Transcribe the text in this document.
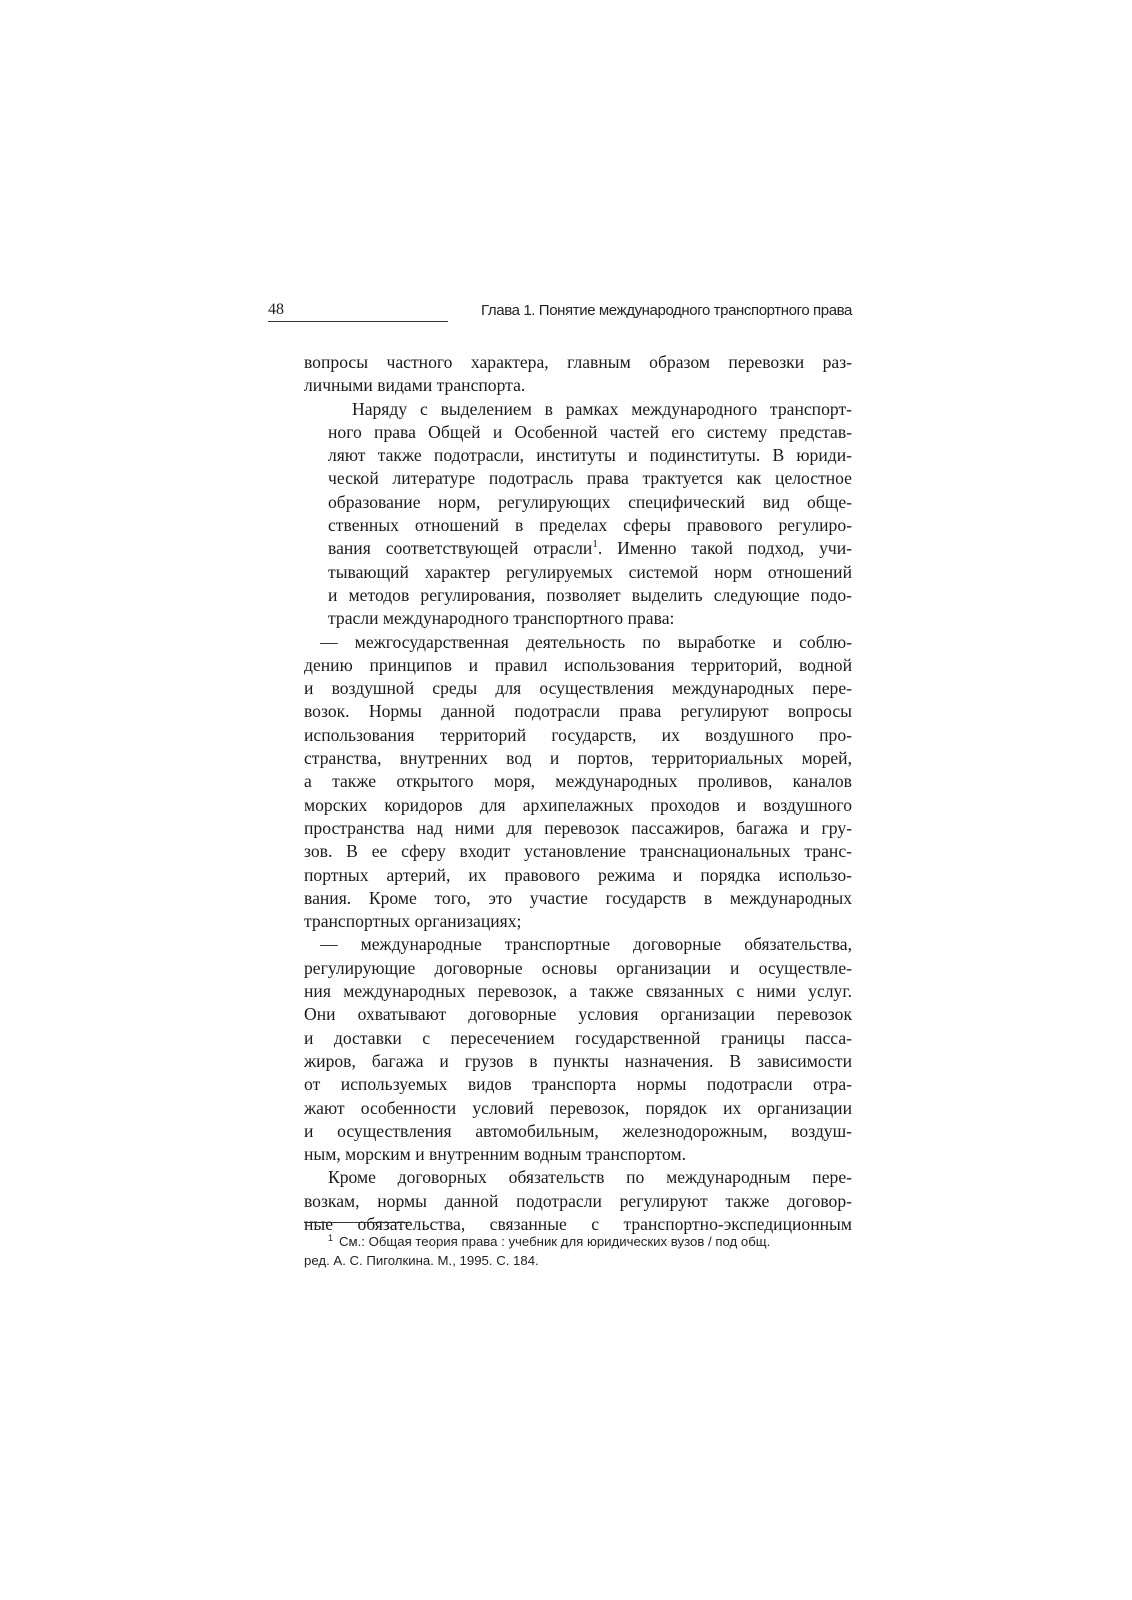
48	Глава 1. Понятие международного транспортного права

вопросы частного характера, главным образом перевозки раз-
личными видами транспорта.

Наряду с выделением в рамках международного транспорт-
ного права Общей и Особенной частей его систему представ-
ляют также подотрасли, институты и подинституты. В юриди-
ческой литературе подотрасль права трактуется как целостное
образование норм, регулирующих специфический вид обще-
ственных отношений в пределах сферы правового регулиро-
вания соответствующей отрасли$^1$. Именно такой подход, учи-
тывающий характер регулируемых системой норм отношений
и методов регулирования, позволяет выделить следующие подо-
трасли международного транспортного права:

— межгосударственная деятельность по выработке и соблю-
дению принципов и правил использования территорий, водной
и воздушной среды для осуществления международных пере-
возок. Нормы данной подотрасли права регулируют вопросы
использования территорий государств, их воздушного про-
странства, внутренних вод и портов, территориальных морей,
а также открытого моря, международных проливов, каналов
морских коридоров для архипелажных проходов и воздушного
пространства над ними для перевозок пассажиров, багажа и гру-
зов. В ее сферу входит установление транснациональных транс-
портных артерий, их правового режима и порядка использо-
вания. Кроме того, это участие государств в международных
транспортных организациях;

— международные транспортные договорные обязательства,
регулирующие договорные основы организации и осуществле-
ния международных перевозок, а также связанных с ними услуг.
Они охватывают договорные условия организации перевозок
и доставки с пересечением государственной границы пасса-
жиров, багажа и грузов в пункты назначения. В зависимости
от используемых видов транспорта нормы подотрасли отра-
жают особенности условий перевозок, порядок их организации
и осуществления автомобильным, железнодорожным, воздуш-
ным, морским и внутренним водным транспортом.

Кроме договорных обязательств по международным пере-
возкам, нормы данной подотрасли регулируют также договор-
ные обязательства, связанные с транспортно-экспедиционным

$^1$ См.: Общая теория права : учебник для юридических вузов / под общ.
ред. А. С. Пиголкина. М., 1995. С. 184.
